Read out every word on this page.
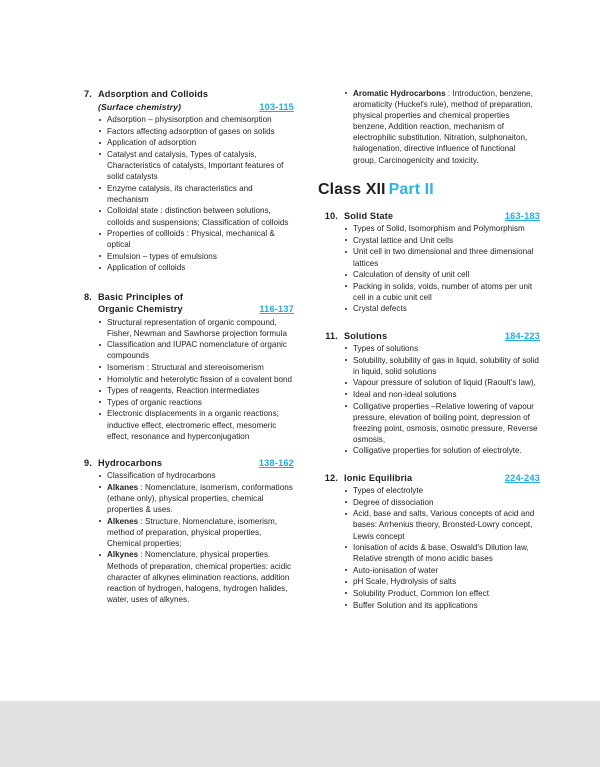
7. Adsorption and Colloids
(Surface chemistry)	103-115
Adsorption – physisorption and chemisorption
Factors affecting adsorption of gases on solids
Application of adsorption
Catalyst and catalysis, Types of catalysis, Characteristics of catalysts, Important features of solid catalysts
Enzyme catalysis, its characteristics and mechanism
Colloidal state : distinction between solutions, colloids and suspensions; Classification of colloids
Properties of collloids : Physical, mechanical & optical
Emulsion – types of emulsions
Application of colloids
8. Basic Principles of
Organic Chemistry	116-137
Structural representation of organic compound, Fisher, Newman and Sawhorse projection formula
Classification and IUPAC nomenclature of organic compounds
Isomerism : Structural and stereoisomerism
Homolytic and heterolytic fission of a covalent bond
Types of reagents, Reaction intermediates
Types of organic reactions
Electronic displacements in a organic reactions; inductive effect, electromeric effect, mesomeric effect, resonance and hyperconjugation
9. Hydrocarbons	138-162
Classification of hydrocarbons
Alkanes : Nomenclature, isomerism, conformations (ethane only), physical properties, chemical properties & uses.
Alkenes : Structure, Nomenclature, isomerism, method of preparation, physical properties, Chemical properties;
Alkynes : Nomenclature, physical properties. Methods of preparation, chemical properties: acidic character of alkynes elimination reactions, addition reaction of hydrogen, halogens, hydrogen halides, water, uses of alkynes.
Aromatic Hydrocarbons : Introduction, benzene, aromaticity (Huckel's rule), method of preparation, physical properties and chemical properties benzene, Addition reaction, mechanism of electrophilic substitution. Nitration, sulphonaiton, halogenation, directive influence of functional group, Carcinogenicity and toxicity.
Class XII Part II
10. Solid State	163-183
Types of Solid, Isomorphism and Polymorphism
Crystal lattice and Unit cells
Unit cell in two dimensional and three dimensional lattices
Calculation of density of unit cell
Packing in solids, voids, number of atoms per unit cell in a cubic unit cell
Crystal defects
11. Solutions	184-223
Types of solutions
Solubility, solubility of gas in liquid, solubility of solid in liquid, solid solutions
Vapour pressure of solution of liquid (Raoult's law),
Ideal and non-ideal solutions
Colligative properties –Relative lowering of vapour pressure, elevation of boiling point, depression of freezing point, osmosis, osmotic pressure, Reverse osmosis,
Colligative properties for solution of electrolyte.
12. Ionic Equilibria	224-243
Types of electrolyte
Degree of dissociation
Acid, base and salts, Various concepts of acid and bases: Arrhenius theory, Bronsted-Lowry concept, Lewis concept
Ionisation of acids & base, Oswald's Dilution law, Relative strength of mono acidic bases
Auto-ionisation of water
pH Scale, Hydrolysis of salts
Solubility Product, Common Ion effect
Buffer Solution and its applications
